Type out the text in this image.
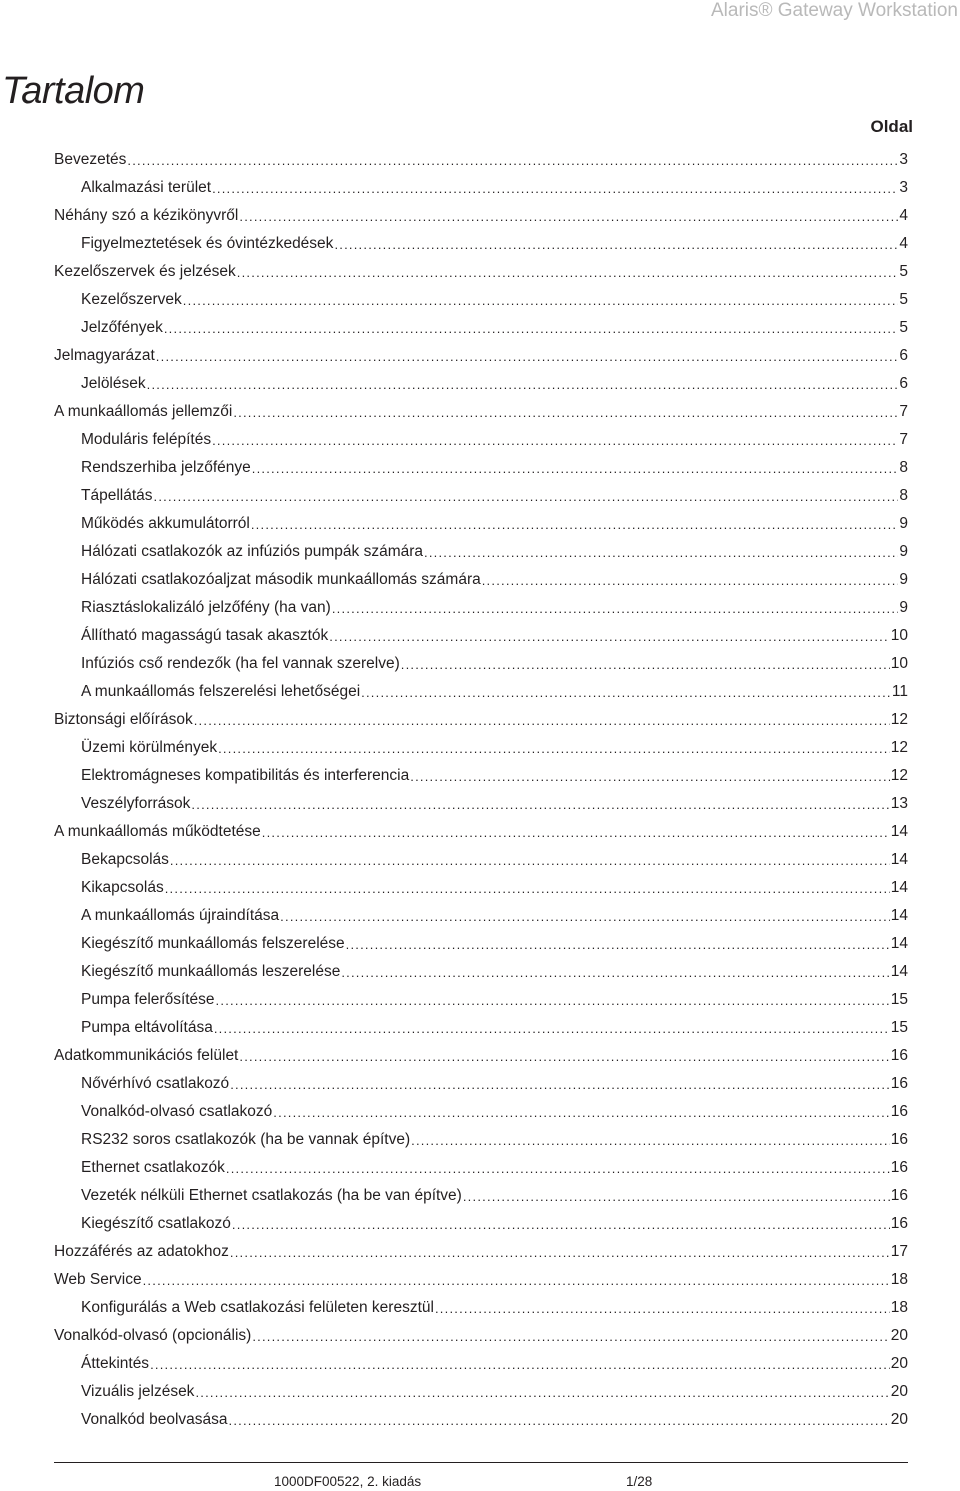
Alaris® Gateway Workstation
Tartalom
Oldal
Bevezetés . . .	3
Alkalmazási terület . . .	3
Néhány szó a kézikönyvről . . .	4
Figyelmeztetések és óvintézkedések . . .	4
Kezelőszervek és jelzések . . .	5
Kezelőszervek . . .	5
Jelzőfények . . .	5
Jelmagyarázat . . .	6
Jelölések . . .	6
A munkaállomás jellemzői . . .	7
Moduláris felépítés . . .	7
Rendszerhiba jelzőfénye . . .	8
Tápellátás . . .	8
Működés akkumulátorról . . .	9
Hálózati csatlakozók az infúziós pumpák számára . . .	9
Hálózati csatlakozóaljzat második munkaállomás számára . . .	9
Riasztáslokalizáló jelzőfény (ha van) . . .	9
Állítható magasságú tasak akasztók . . .	10
Infúziós cső rendezők (ha fel vannak szerelve) . . .	10
A munkaállomás felszerelési lehetőségei . . .	11
Biztonsági előírások . . .	12
Üzemi körülmények . . .	12
Elektromágneses kompatibilitás és interferencia . . .	12
Veszélyforrások . . .	13
A munkaállomás működtetése . . .	14
Bekapcsolás . . .	14
Kikapcsolás . . .	14
A munkaállomás újraindítása . . .	14
Kiegészítő munkaállomás felszerelése . . .	14
Kiegészítő munkaállomás leszerelése . . .	14
Pumpa felerősítése . . .	15
Pumpa eltávolítása . . .	15
Adatkommunikációs felület . . .	16
Nővérhívó csatlakozó . . .	16
Vonalkód-olvasó csatlakozó . . .	16
RS232 soros csatlakozók (ha be vannak építve) . . .	16
Ethernet csatlakozók . . .	16
Vezeték nélküli Ethernet csatlakozás (ha be van építve) . . .	16
Kiegészítő csatlakozó . . .	16
Hozzáférés az adatokhoz . . .	17
Web Service . . .	18
Konfigurálás a Web csatlakozási felületen keresztül . . .	18
Vonalkód-olvasó (opcionális) . . .	20
Áttekintés . . .	20
Vizuális jelzések . . .	20
Vonalkód beolvasása . . .	20
1000DF00522, 2. kiadás	1/28
